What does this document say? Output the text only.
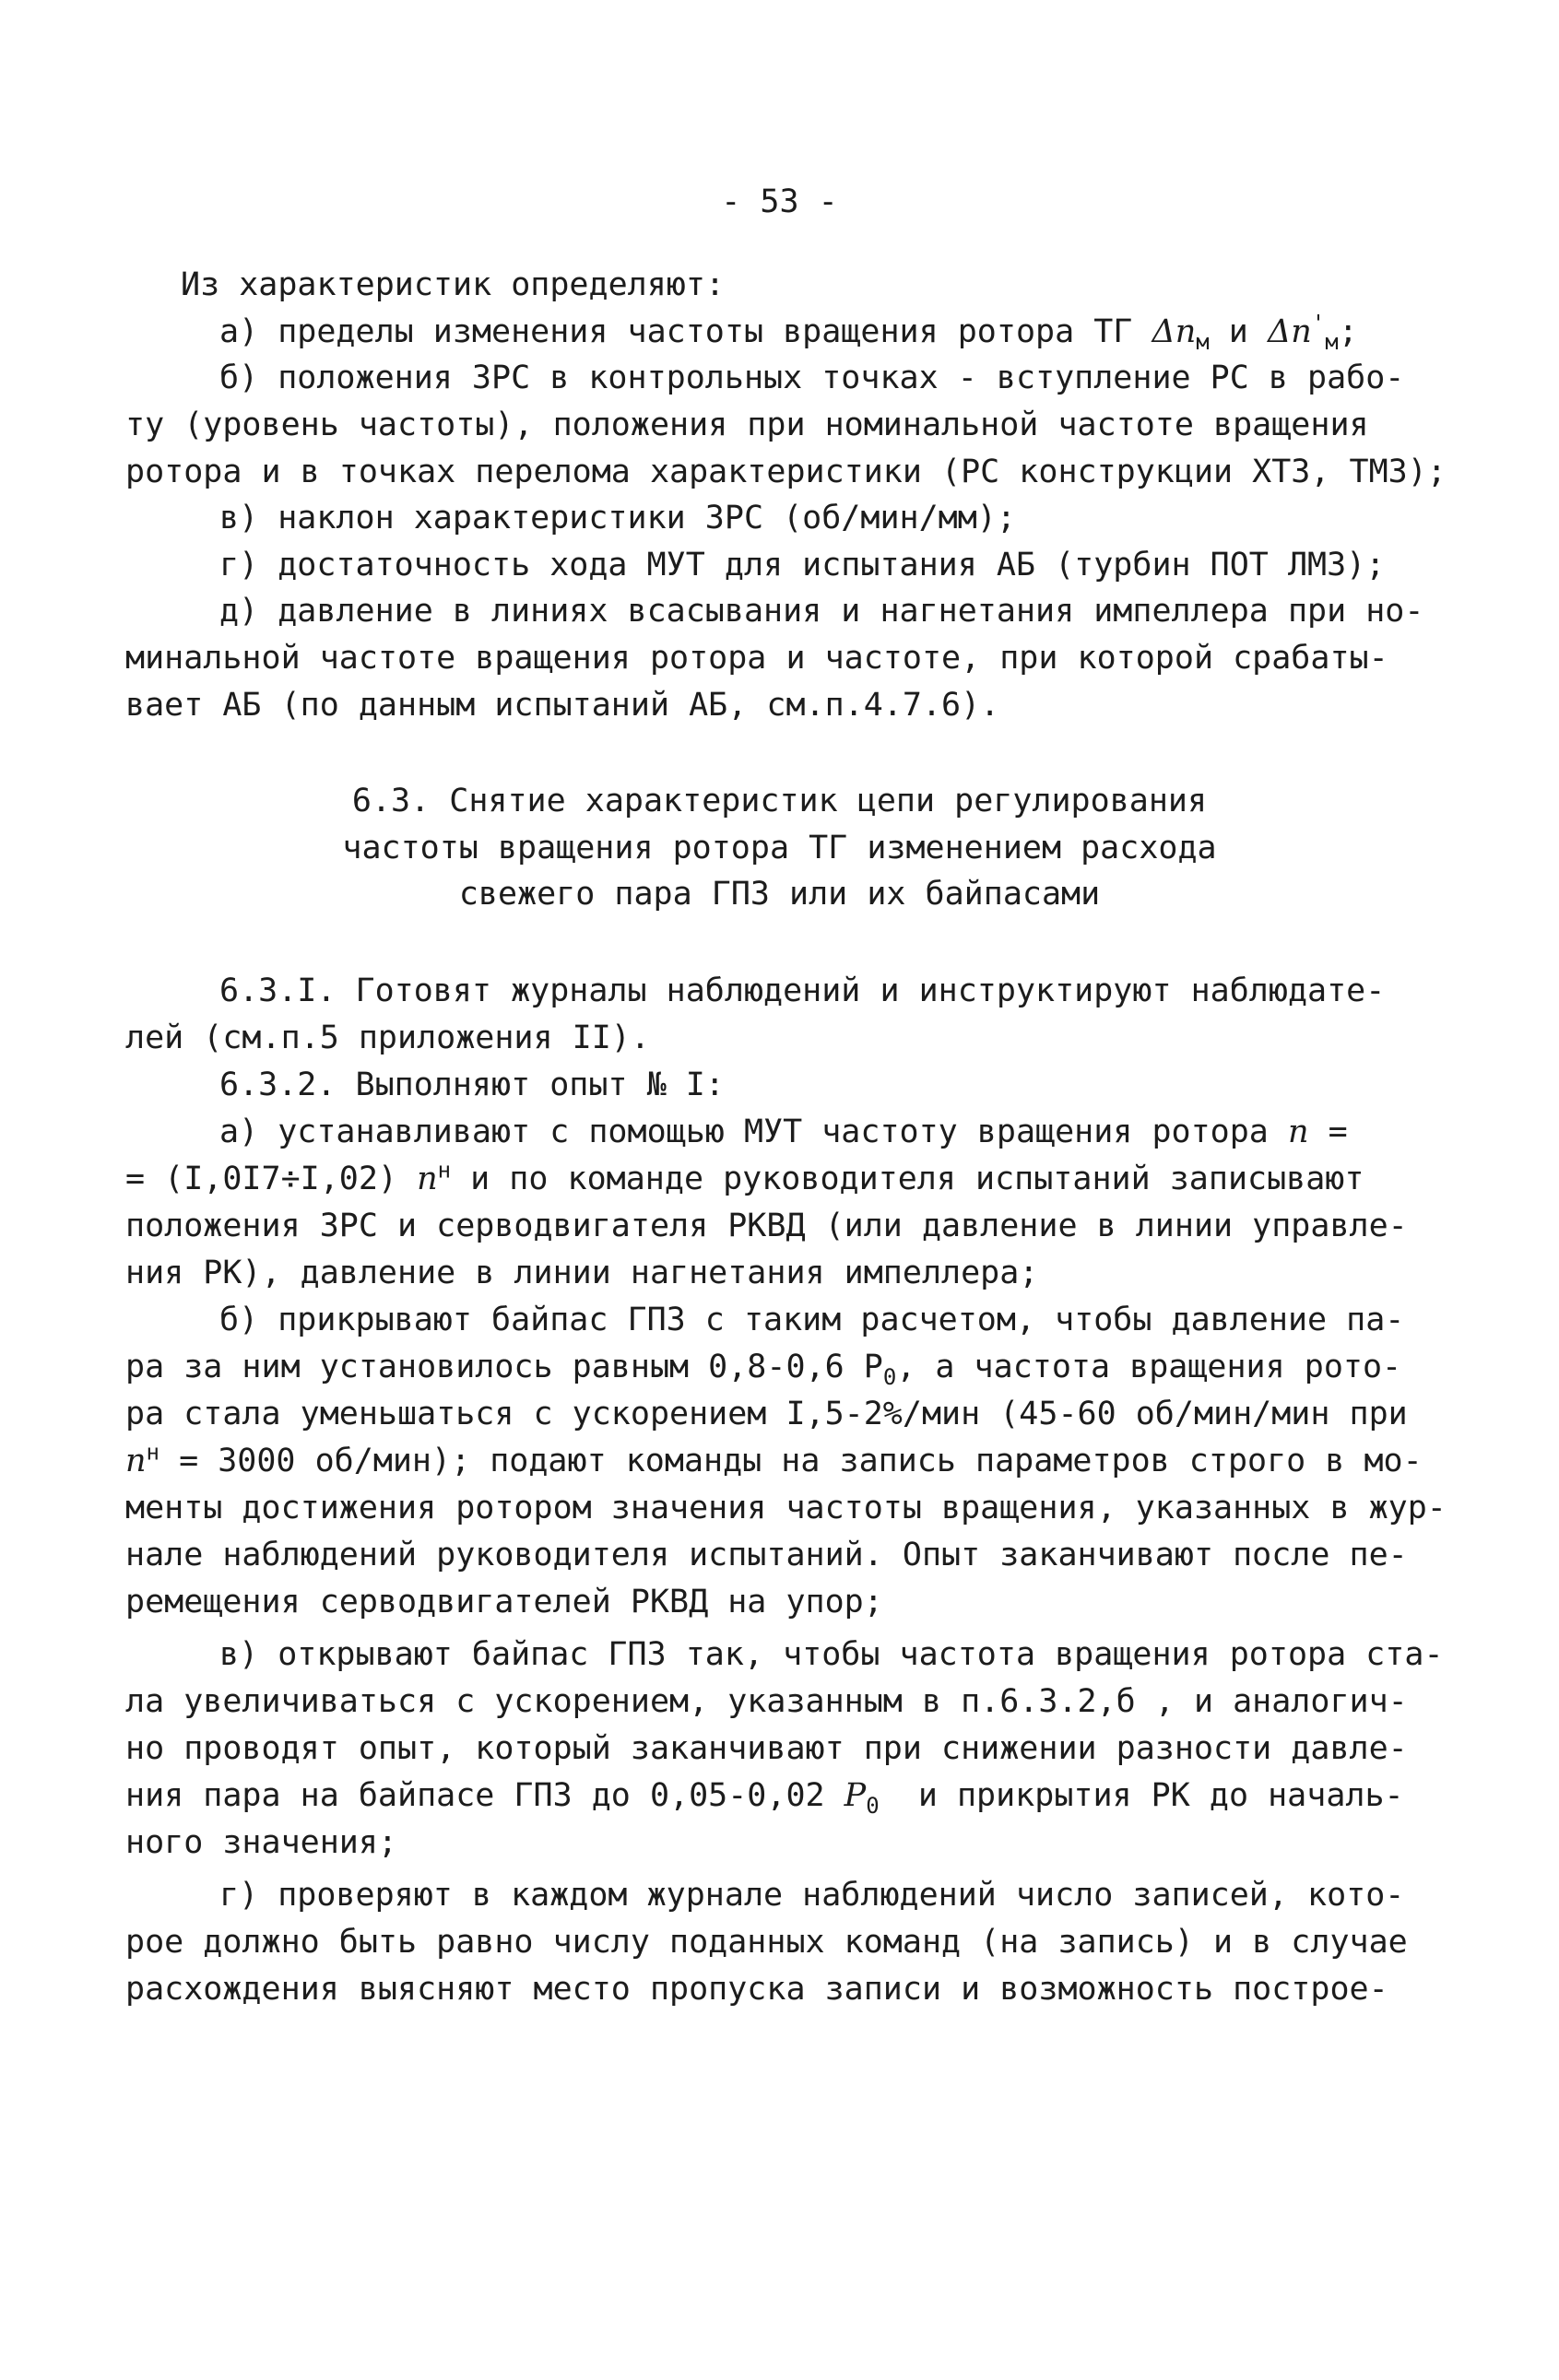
- 53 -
Из характеристик определяют:
а) пределы изменения частоты вращения ротора ТГ $\Delta n_м$ и $\Delta n'_м$;
б) положения ЗРС в контрольных точках - вступление РС в рабо-
ту (уровень частоты), положения при номинальной частоте вращения
ротора и в точках перелома характеристики (РС конструкции ХТЗ, ТМЗ);
в) наклон характеристики ЗРС (об/мин/мм);
г) достаточность хода МУТ для испытания АБ (турбин ПОТ ЛМЗ);
д) давление в линиях всасывания и нагнетания импеллера при но-
минальной частоте вращения ротора и частоте, при которой срабаты-
вает АБ (по данным испытаний АБ, см.п.4.7.6).
6.3. Снятие характеристик цепи регулирования
частоты вращения ротора ТГ изменением расхода
свежего пара ГПЗ или их байпасами
6.3.I. Готовят журналы наблюдений и инструктируют наблюдате-
лей (см.п.5 приложения II).
6.3.2. Выполняют опыт № I:
а) устанавливают с помощью МУТ частоту вращения ротора n =
= (I,0I7÷I,02) $n^н$ и по команде руководителя испытаний записывают
положения ЗРС и серводвигателя РКВД (или давление в линии управле-
ния РК), давление в линии нагнетания импеллера;
б) прикрывают байпас ГПЗ с таким расчетом, чтобы давление па-
ра за ним установилось равным 0,8-0,6 $P_0$, а частота вращения рото-
ра стала уменьшаться с ускорением I,5-2%/мин (45-60 об/мин/мин при
$n^н = 3000$ об/мин); подают команды на запись параметров строго в мо-
менты достижения ротором значения частоты вращения, указанных в жур-
нале наблюдений руководителя испытаний. Опыт заканчивают после пе-
ремещения серводвигателей РКВД на упор;
в) открывают байпас ГПЗ так, чтобы частота вращения ротора ста-
ла увеличиваться с ускорением, указанным в п.6.3.2,б , и аналогич-
но проводят опыт, который заканчивают при снижении разности давле-
ния пара на байпасе ГПЗ до 0,05-0,02 $P_0$  и прикрытия РК до началь-
ного значения;
г) проверяют в каждом журнале наблюдений число записей, кото-
рое должно быть равно числу поданных команд (на запись) и в случае
расхождения выясняют место пропуска записи и возможность построе-
